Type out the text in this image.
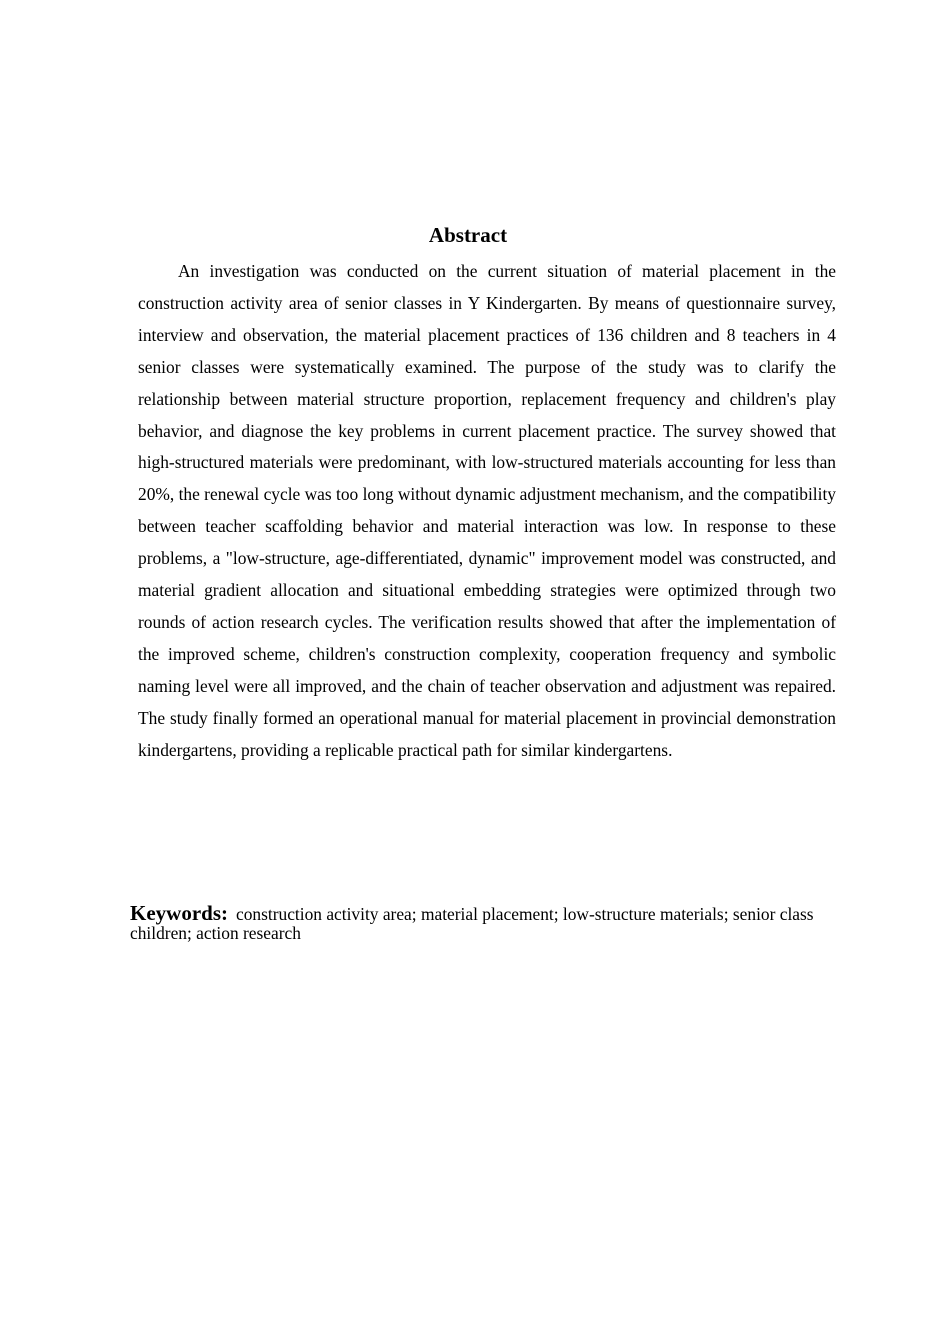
Abstract

An investigation was conducted on the current situation of material placement in the construction activity area of senior classes in Y Kindergarten. By means of questionnaire survey, interview and observation, the material placement practices of 136 children and 8 teachers in 4 senior classes were systematically examined. The purpose of the study was to clarify the relationship between material structure proportion, replacement frequency and children's play behavior, and diagnose the key problems in current placement practice. The survey showed that high-structured materials were predominant, with low-structured materials accounting for less than 20%, the renewal cycle was too long without dynamic adjustment mechanism, and the compatibility between teacher scaffolding behavior and material interaction was low. In response to these problems, a "low-structure, age-differentiated, dynamic" improvement model was constructed, and material gradient allocation and situational embedding strategies were optimized through two rounds of action research cycles. The verification results showed that after the implementation of the improved scheme, children's construction complexity, cooperation frequency and symbolic naming level were all improved, and the chain of teacher observation and adjustment was repaired. The study finally formed an operational manual for material placement in provincial demonstration kindergartens, providing a replicable practical path for similar kindergartens.

Keywords: construction activity area; material placement; low-structure materials; senior class children; action research
